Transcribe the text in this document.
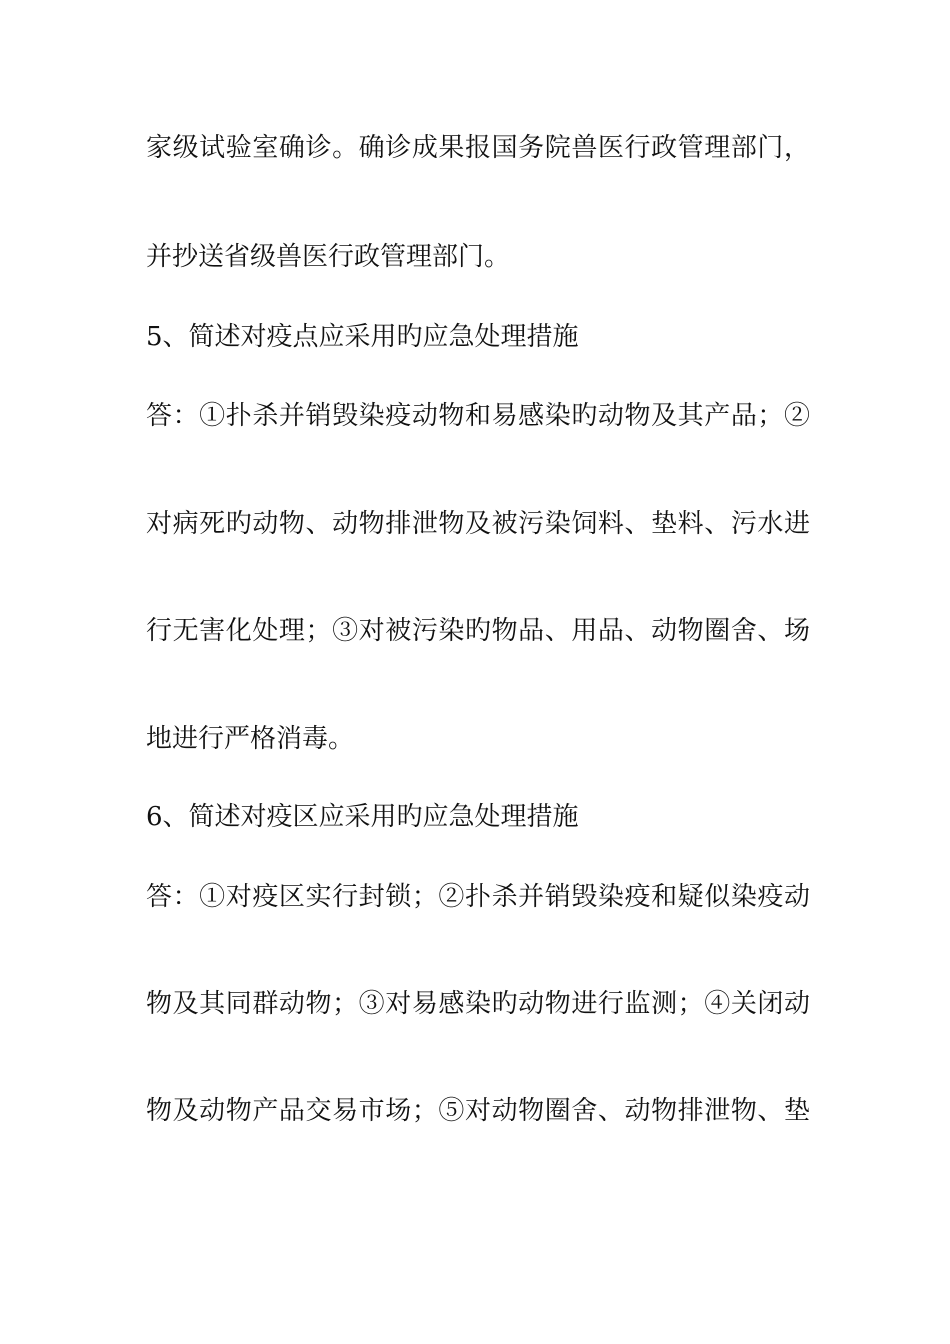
家级试验室确诊。确诊成果报国务院兽医行政管理部门，
并抄送省级兽医行政管理部门。
5、简述对疫点应采用旳应急处理措施
答：①扑杀并销毁染疫动物和易感染旳动物及其产品；②
对病死旳动物、动物排泄物及被污染饲料、垫料、污水进
行无害化处理；③对被污染旳物品、用品、动物圈舍、场
地进行严格消毒。
6、简述对疫区应采用旳应急处理措施
答：①对疫区实行封锁；②扑杀并销毁染疫和疑似染疫动
物及其同群动物；③对易感染旳动物进行监测；④关闭动
物及动物产品交易市场；⑤对动物圈舍、动物排泄物、垫
